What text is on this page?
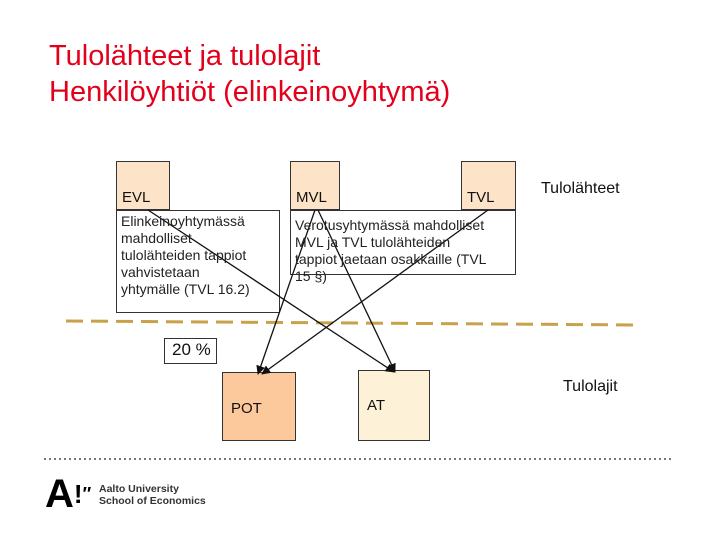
Tulolähteet ja tulolajit
Henkilöyhtiöt (elinkeinoyhtymä)
EVL	MVL	TVL
Tulolähteet
Tulolajit
20 %
POT	AT
Elinkeinoyhtymässä
mahdolliset
tulolähteiden tappiot
vahvistetaan
yhtymälle (TVL 16.2)
Verotusyhtymässä mahdolliset
MVL ja TVL tulolähteiden
tappiot jaetaan osakkaille (TVL
15 §)
A!″ Aalto University
School of Economics
